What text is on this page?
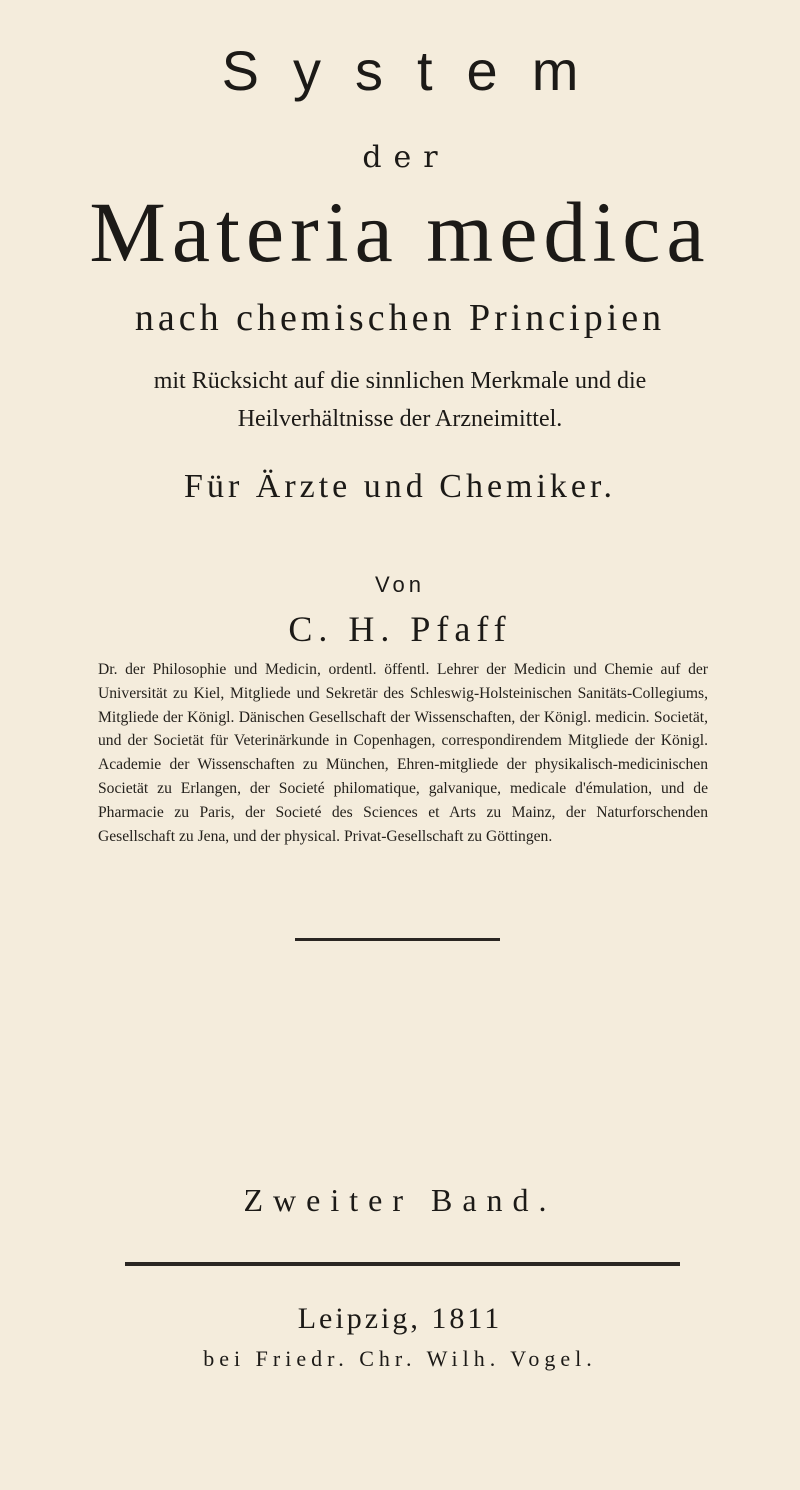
System
der
Materia medica
nach chemischen Principien
mit Rücksicht auf die sinnlichen Merkmale und die
Heilverhältnisse der Arzneimittel.
Für Ärzte und Chemiker.
Von
C. H. Pfaff
Dr. der Philosophie und Medicin, ordentl. öffentl. Lehrer der Medicin und Chemie auf der Universität zu Kiel, Mitgliede und Sekretär des Schleswig-Holsteinischen Sanitäts-Collegiums, Mitgliede der Königl. Dänischen Gesellschaft der Wissenschaften, der Königl. medicin. Societät, und der Societät für Veterinärkunde in Copenhagen, correspondirendem Mitgliede der Königl. Academie der Wissenschaften zu München, Ehren-mitgliede der physikalisch-medicinischen Societät zu Erlangen, der Societé philomatique, galvanique, medicale d'émulation, und de Pharmacie zu Paris, der Societé des Sciences et Arts zu Mainz, der Naturforschenden Gesellschaft zu Jena, und der physical. Privat-Gesellschaft zu Göttingen.
Zweiter Band.
Leipzig, 1811
bei Friedr. Chr. Wilh. Vogel.
